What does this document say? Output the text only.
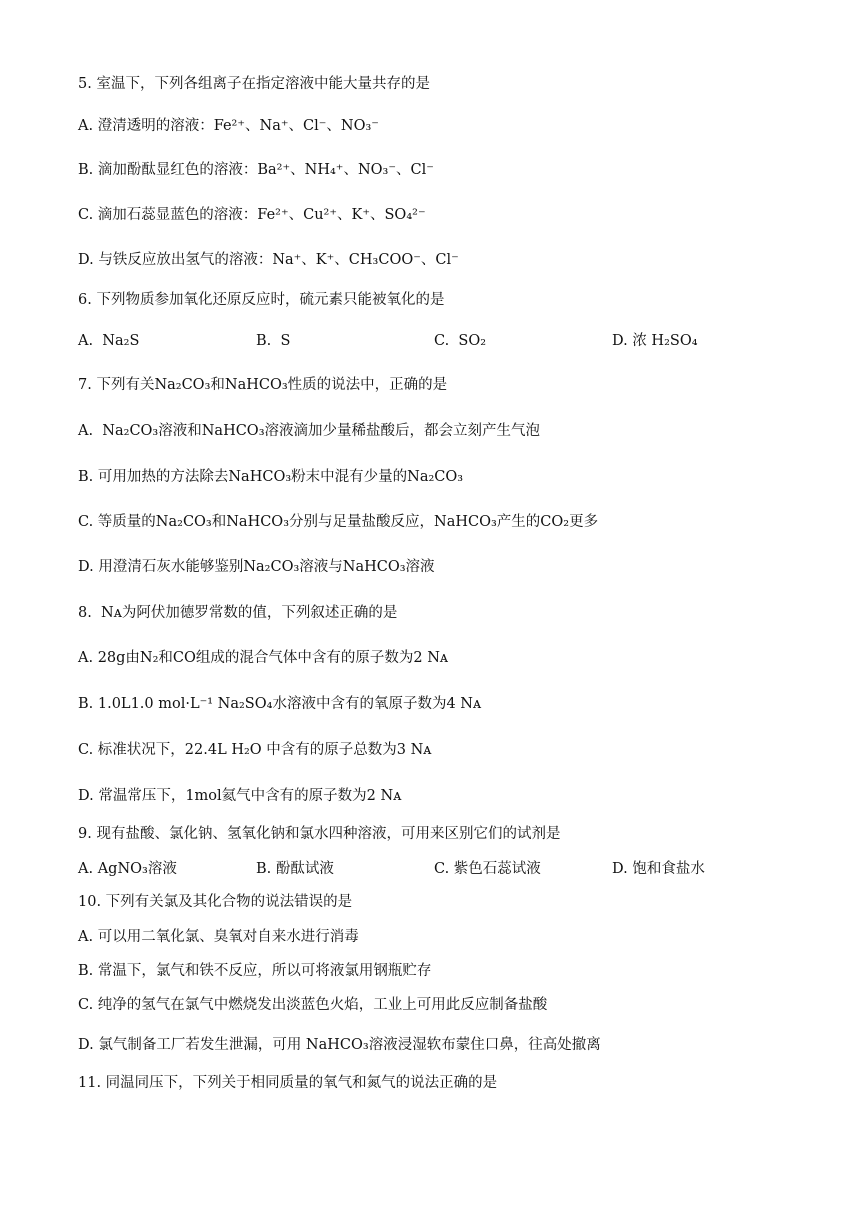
5. 室温下，下列各组离子在指定溶液中能大量共存的是
A. 澄清透明的溶液：Fe²⁺、Na⁺、Cl⁻、NO₃⁻
B. 滴加酚酞显红色的溶液：Ba²⁺、NH₄⁺、NO₃⁻、Cl⁻
C. 滴加石蕊显蓝色的溶液：Fe²⁺、Cu²⁺、K⁺、SO₄²⁻
D. 与铁反应放出氢气的溶液：Na⁺、K⁺、CH₃COO⁻、Cl⁻
6. 下列物质参加氧化还原反应时，硫元素只能被氧化的是
A.  Na₂S	B.  S	C.  SO₂	D. 浓 H₂SO₄
7. 下列有关Na₂CO₃和NaHCO₃性质的说法中，正确的是
A.  Na₂CO₃溶液和NaHCO₃溶液滴加少量稀盐酸后，都会立刻产生气泡
B. 可用加热的方法除去NaHCO₃粉末中混有少量的Na₂CO₃
C. 等质量的Na₂CO₃和NaHCO₃分别与足量盐酸反应，NaHCO₃产生的CO₂更多
D. 用澄清石灰水能够鉴别Na₂CO₃溶液与NaHCO₃溶液
8.  Nᴀ为阿伏加德罗常数的值，下列叙述正确的是
A. 28g由N₂和CO组成的混合气体中含有的原子数为2 Nᴀ
B. 1.0L1.0 mol·L⁻¹ Na₂SO₄水溶液中含有的氧原子数为4 Nᴀ
C. 标准状况下，22.4L H₂O 中含有的原子总数为3 Nᴀ
D. 常温常压下，1mol氦气中含有的原子数为2 Nᴀ
9. 现有盐酸、氯化钠、氢氧化钠和氯水四种溶液，可用来区别它们的试剂是
A. AgNO₃溶液	B. 酚酞试液	C. 紫色石蕊试液	D. 饱和食盐水
10. 下列有关氯及其化合物的说法错误的是
A. 可以用二氧化氯、臭氧对自来水进行消毒
B. 常温下，氯气和铁不反应，所以可将液氯用钢瓶贮存
C. 纯净的氢气在氯气中燃烧发出淡蓝色火焰，工业上可用此反应制备盐酸
D. 氯气制备工厂若发生泄漏，可用 NaHCO₃溶液浸湿软布蒙住口鼻，往高处撤离
11. 同温同压下，下列关于相同质量的氧气和氮气的说法正确的是
